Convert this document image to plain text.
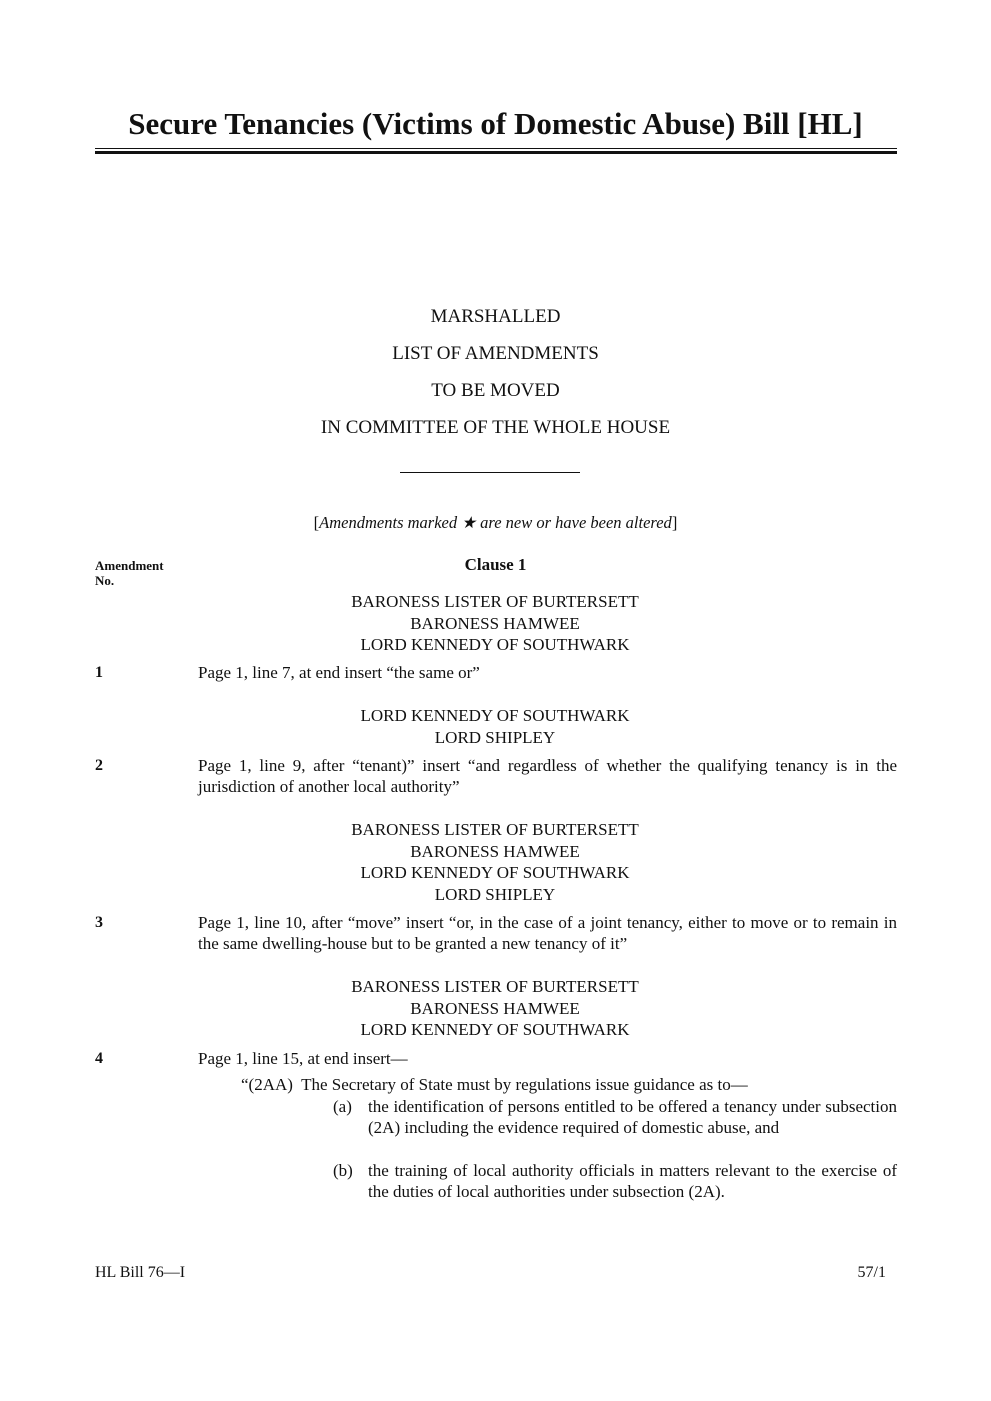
Secure Tenancies (Victims of Domestic Abuse) Bill [HL]
MARSHALLED
LIST OF AMENDMENTS
TO BE MOVED
IN COMMITTEE OF THE WHOLE HOUSE
[Amendments marked ★ are new or have been altered]
Amendment No.
Clause 1
BARONESS LISTER OF BURTERSETT
BARONESS HAMWEE
LORD KENNEDY OF SOUTHWARK
1	Page 1, line 7, at end insert “the same or”
LORD KENNEDY OF SOUTHWARK
LORD SHIPLEY
2	Page 1, line 9, after “tenant)” insert “and regardless of whether the qualifying tenancy is in the jurisdiction of another local authority”
BARONESS LISTER OF BURTERSETT
BARONESS HAMWEE
LORD KENNEDY OF SOUTHWARK
LORD SHIPLEY
3	Page 1, line 10, after “move” insert “or, in the case of a joint tenancy, either to move or to remain in the same dwelling-house but to be granted a new tenancy of it”
BARONESS LISTER OF BURTERSETT
BARONESS HAMWEE
LORD KENNEDY OF SOUTHWARK
4	Page 1, line 15, at end insert—
“(2AA)  The Secretary of State must by regulations issue guidance as to—
(a) the identification of persons entitled to be offered a tenancy under subsection (2A) including the evidence required of domestic abuse, and
(b) the training of local authority officials in matters relevant to the exercise of the duties of local authorities under subsection (2A).
HL Bill 76—I	57/1
